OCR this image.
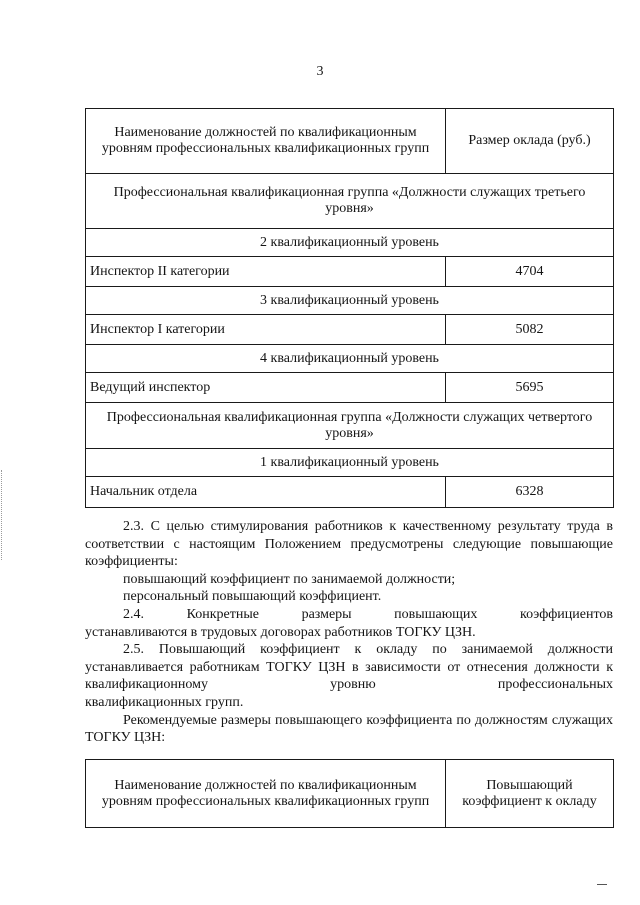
3
Наименование должностей по квалификационным уровням профессиональных квалификационных групп	Размер оклада (руб.)
Профессиональная квалификационная группа «Должности служащих третьего уровня»	
2 квалификационный уровень	
Инспектор II категории	4704
3 квалификационный уровень	
Инспектор I категории	5082
4 квалификационный уровень	
Ведущий инспектор	5695
Профессиональная квалификационная группа «Должности служащих четвертого уровня»	
1 квалификационный уровень	
Начальник отдела	6328

2.3. С целью стимулирования работников к качественному результату труда в соответствии с настоящим Положением предусмотрены следующие повышающие коэффициенты:

повышающий коэффициент по занимаемой должности;

персональный повышающий коэффициент.

2.4. Конкретные размеры повышающих коэффициентов

устанавливаются в трудовых договорах работников ТОГКУ ЦЗН.

2.5. Повышающий коэффициент к окладу по занимаемой должности устанавливается работникам ТОГКУ ЦЗН в зависимости от отнесения должности к квалификационному уровню профессиональных

квалификационных групп.

Рекомендуемые размеры повышающего коэффициента по должностям служащих ТОГКУ ЦЗН:

Наименование должностей по квалификационным уровням профессиональных квалификационных групп	Повышающий коэффициент к окладу
